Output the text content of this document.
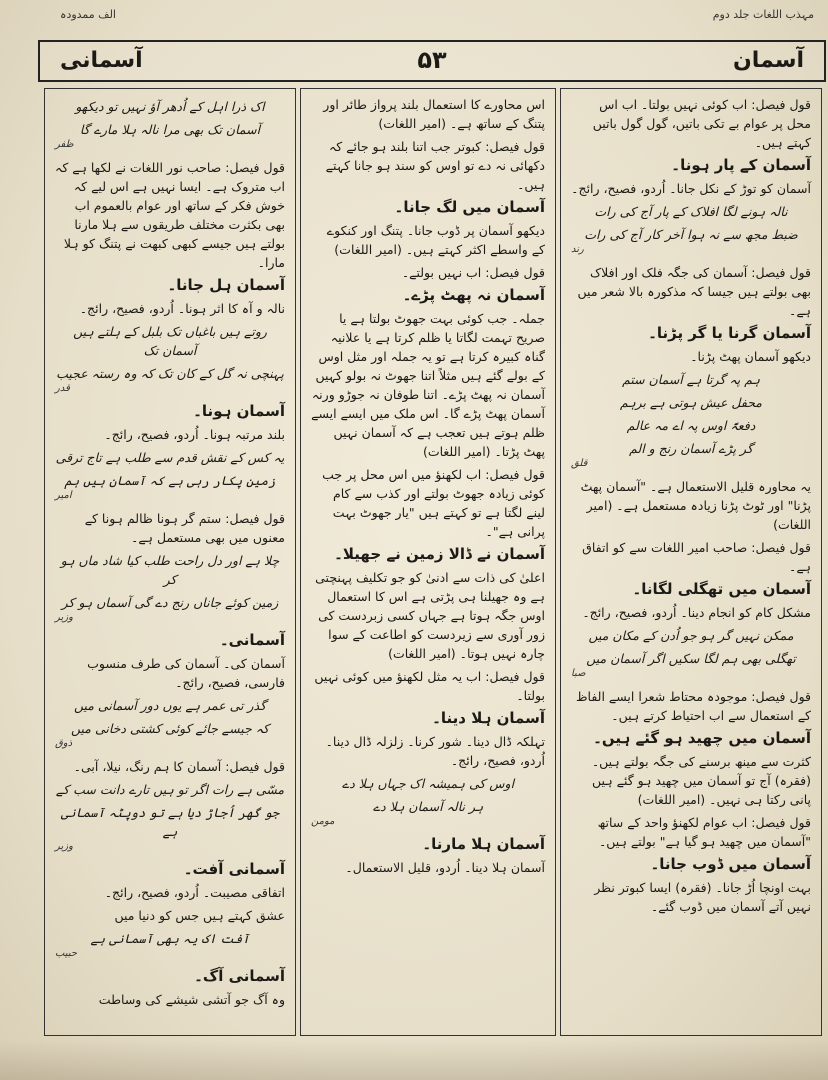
الف ممدودہ	مہذب اللغات جلد دوم
آسمانی	۵۳	آسمان
قول فیصل: اب کوئی نہیں بولتا۔ اب اس محل پر عوام بے تکی باتیں، گول گول باتیں کہتے ہیں۔
آسمان کے پار ہونا۔
آسمان کو توڑ کے نکل جانا۔ اُردو، فصیح، رائج۔
نالہ ہونے لگا افلاک کے پار آج کی رات
ضبط مجھ سے نہ ہوا آخر کار آج کی رات
رند
قول فیصل: آسمان کی جگہ فلک اور افلاک بھی بولتے ہیں جیسا کہ مذکورہ بالا شعر میں ہے۔
آسمان گرنا یا گر پڑنا۔
دیکھو آسمان پھٹ پڑنا۔
ہم پہ گرتا ہے آسمان ستم
محفل عیش ہوتی ہے برہم
دفعۃً اوس پہ اے مہ عالم
گر پڑے آسمان رنج و الم
قلق
یہ محاورہ قلیل الاستعمال ہے۔ "آسمان پھٹ پڑنا" اور ٹوٹ پڑنا زیادہ مستعمل ہے۔ (امیر اللغات)
قول فیصل: صاحب امیر اللغات سے کو اتفاق ہے۔
آسمان میں تھگلی لگانا۔
مشکل کام کو انجام دینا۔ اُردو، فصیح، رائج۔
ممکن نہیں گر ہو جو اُدن کے مکان میں
تھگلی بھی ہم لگا سکیں اگر آسمان میں
صبا
قول فیصل: موجودہ محتاط شعرا ایسے الفاظ کے استعمال سے اب احتیاط کرتے ہیں۔
آسمان میں چھید ہو گئے ہیں۔
کثرت سے مینھ برسنے کی جگہ بولتے ہیں۔ (فقرہ) آج تو آسمان میں چھید ہو گئے ہیں پانی رکتا ہی نہیں۔ (امیر اللغات)
قول فیصل: اب عوام لکھنؤ واحد کے ساتھ "آسمان میں چھید ہو گیا ہے" بولتے ہیں۔
آسمان میں ڈوب جانا۔
بہت اونچا اُڑ جانا۔ (فقرہ) ایسا کبوتر نظر نہیں آتے آسمان میں ڈوب گئے۔
اس محاورے کا استعمال بلند پرواز طائر اور پتنگ کے ساتھ ہے۔ (امیر اللغات)
قول فیصل: کبوتر جب اتنا بلند ہو جائے کہ دکھائی نہ دے تو اوس کو سند ہو جانا کہتے ہیں۔
آسمان میں لگ جانا۔
دیکھو آسمان پر ڈوب جانا۔ پتنگ اور کنکوے کے واسطے اکثر کہتے ہیں۔ (امیر اللغات)
قول فیصل: اب نہیں بولتے۔
آسمان نہ پھٹ پڑے۔
جملہ۔ جب کوئی بہت جھوٹ بولتا ہے یا صریح تہمت لگاتا یا ظلم کرتا ہے یا علانیہ گناہ کبیرہ کرتا ہے تو یہ جملہ اور مثل اوس کے بولے گئے ہیں مثلاً اتنا جھوٹ نہ بولو کہیں آسمان نہ پھٹ پڑے۔ اتنا طوفان نہ جوڑو ورنہ آسمان پھٹ پڑے گا۔ اس ملک میں ایسے ایسے ظلم ہوتے ہیں تعجب ہے کہ آسمان نہیں پھٹ پڑتا۔ (امیر اللغات)
قول فیصل: اب لکھنؤ میں اس محل پر جب کوئی زیادہ جھوٹ بولتے اور کذب سے کام لینے لگتا ہے تو کہتے ہیں "یار جھوٹ بہت پرانی ہے"۔
آسمان نے ڈالا زمین نے جھیلا۔
اعلیٰ کی ذات سے ادنیٰ کو جو تکلیف پہنچتی ہے وہ جھیلنا ہی پڑتی ہے اس کا استعمال اوس جگہ ہوتا ہے جہاں کسی زبردست کی زور آوری سے زیردست کو اطاعت کے سوا چارہ نہیں ہوتا۔ (امیر اللغات)
قول فیصل: اب یہ مثل لکھنؤ میں کوئی نہیں بولتا۔
آسمان ہلا دینا۔
تہلکہ ڈال دینا۔ شور کرنا۔ زلزلہ ڈال دینا۔ اُردو، فصیح، رائج۔
اوس کی ہمیشہ اک جہاں ہلا دے
ہر نالہ آسمان ہلا دے
مومن
آسمان ہلا مارنا۔
آسمان ہلا دینا۔ اُردو، قلیل الاستعمال۔
اک ذرا اہل کے اُدھر آؤ نہیں تو دیکھو
آسمان تک بھی مرا نالہ ہلا مارے گا
ظفر
قول فیصل: صاحب نور اللغات نے لکھا ہے کہ اب متروک ہے۔ ایسا نہیں ہے اس لیے کہ خوش فکر کے ساتھ اور عوام بالعموم اب بھی بکثرت مختلف طریقوں سے ہلا مارنا بولتے ہیں جیسے کبھی کبھت نے پتنگ کو ہلا مارا۔
آسمان ہل جانا۔
نالہ و آہ کا اثر ہونا۔ اُردو، فصیح، رائج۔
روتے ہیں باغباں تک بلبل کے ہلتے ہیں آسمان تک
پہنچی نہ گل کے کان تک کہ وہ رستہ عجیب
قدر
آسمان ہونا۔
بلند مرتبہ ہونا۔ اُردو، فصیح، رائج۔
یہ کس کے نقش قدم سے طلب ہے تاج ترقی
زمین پکار رہی ہے کہ آسمان ہیں ہم
امیر
قول فیصل: ستم گر ہونا ظالم ہونا کے معنوں میں بھی مستعمل ہے۔
چلا ہے اور دل راحت طلب کیا شاد ماں ہو کر
زمین کوئے جاناں رنج دے گی آسماں ہو کر
وزیر
آسمانی۔
آسمان کی۔ آسمان کی طرف منسوب فارسی، فصیح، رائج۔
گذر تی عمر ہے یوں دور آسمانی میں
کہ جیسے جائے کوئی کشتی دخانی میں
ذوق
قول فیصل: آسمان کا ہم رنگ، نیلا، آبی۔
مسّی ہے رات اگر تو ہیں تارے دانت سب کے
جو گھر اُجاڑ دیا ہے تو دوپٹہ آسمانی ہے
وزیر
آسمانی آفت۔
اتفاقی مصیبت۔ اُردو، فصیح، رائج۔
عشق کہتے ہیں جس کو دنیا میں
آفت اک یہ بھی آسمانی ہے
حبیب
آسمانی آگ۔
وہ آگ جو آتشی شیشے کی وساطت
